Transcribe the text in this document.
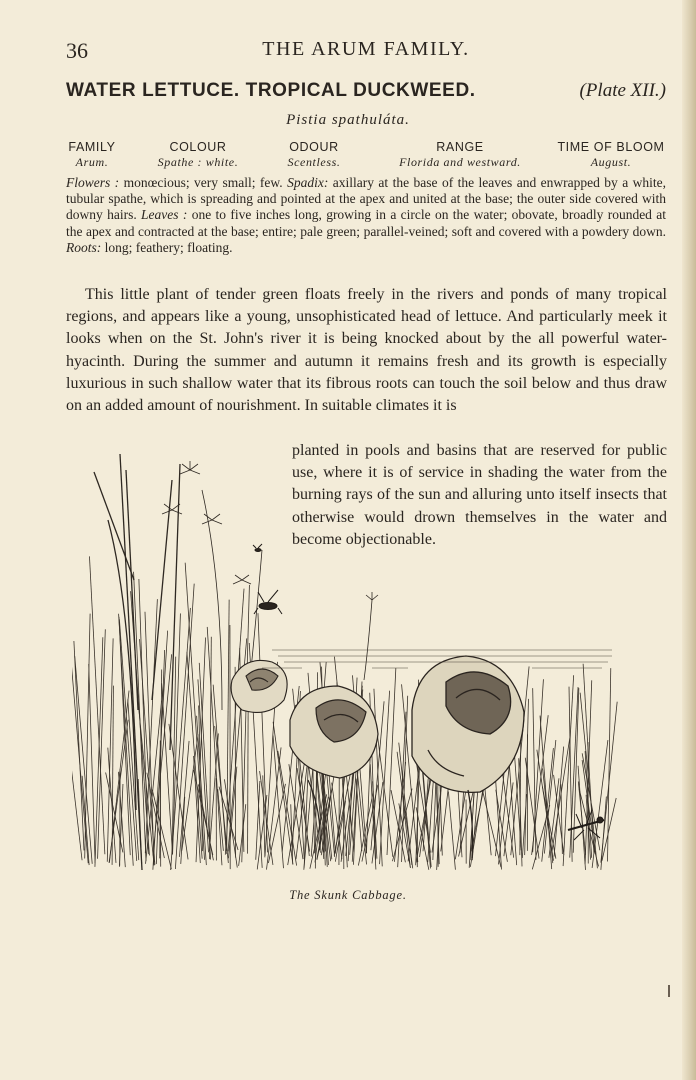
36	THE ARUM FAMILY.
WATER LETTUCE. TROPICAL DUCKWEED.	(Plate XII.)
Pistia spathuláta.
FAMILY
Arum.
COLOUR
Spathe : white.
ODOUR
Scentless.
RANGE
Florida and westward.
TIME OF BLOOM
August.
Flowers : monœcious; very small; few. Spadix: axillary at the base of the leaves and enwrapped by a white, tubular spathe, which is spreading and pointed at the apex and united at the base; the outer side covered with downy hairs. Leaves : one to five inches long, growing in a circle on the water; obovate, broadly rounded at the apex and contracted at the base; entire; pale green; parallel-veined; soft and covered with a powdery down. Roots: long; feathery; floating.
This little plant of tender green floats freely in the rivers and ponds of many tropical regions, and appears like a young, unsophisticated head of lettuce. And particularly meek it looks when on the St. John's river it is being knocked about by the all powerful water-hyacinth. During the summer and autumn it remains fresh and its growth is especially luxurious in such shallow water that its fibrous roots can touch the soil below and thus draw on an added amount of nourishment. In suitable climates it is
planted in pools and basins that are reserved for public use, where it is of service in shading the water from the burning rays of the sun and alluring unto itself insects that otherwise would drown themselves in the water and become objectionable.
The Skunk Cabbage.
